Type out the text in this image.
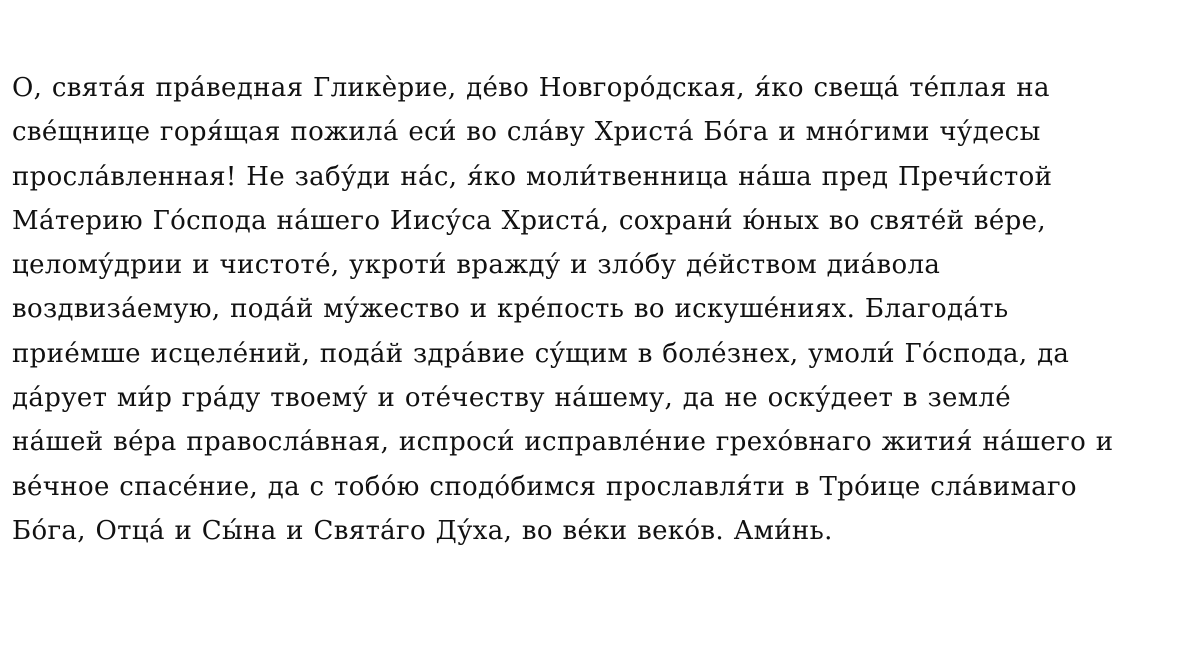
О, свята́я пра́ведная Гликѐрие, де́во Новгоро́дская, я́ко свеща́ те́плая на
све́щнице горя́щая пожила́ еси́ во сла́ву Христа́ Бо́га и мно́гими чу́десы
просла́вленная! Не забу́ди на́с, я́ко моли́твенница на́ша пред Пречи́стой
Ма́терию Го́спода на́шего Иису́са Христа́, сохрани́ ю́ных во святе́й ве́ре,
целому́дрии и чистоте́, укроти́ вражду́ и зло́бу де́йством диа́вола
воздвиза́емую, пода́й му́жество и кре́пость во искуше́ниях. Благода́ть
прие́мше исцеле́ний, пода́й здра́вие су́щим в боле́знех, умоли́ Го́спода, да
да́рует ми́р гра́ду твоему́ и оте́честву на́шему, да не оску́деет в земле́
на́шей ве́ра правосла́вная, испроси́ исправле́ние грехо́внаго жития́ на́шего и
ве́чное спасе́ние, да с тобо́ю сподо́бимся прославля́ти в Тро́ице сла́вимаго
Бо́га, Отца́ и Сы́на и Свята́го Ду́ха, во ве́ки веко́в. Ами́нь.
